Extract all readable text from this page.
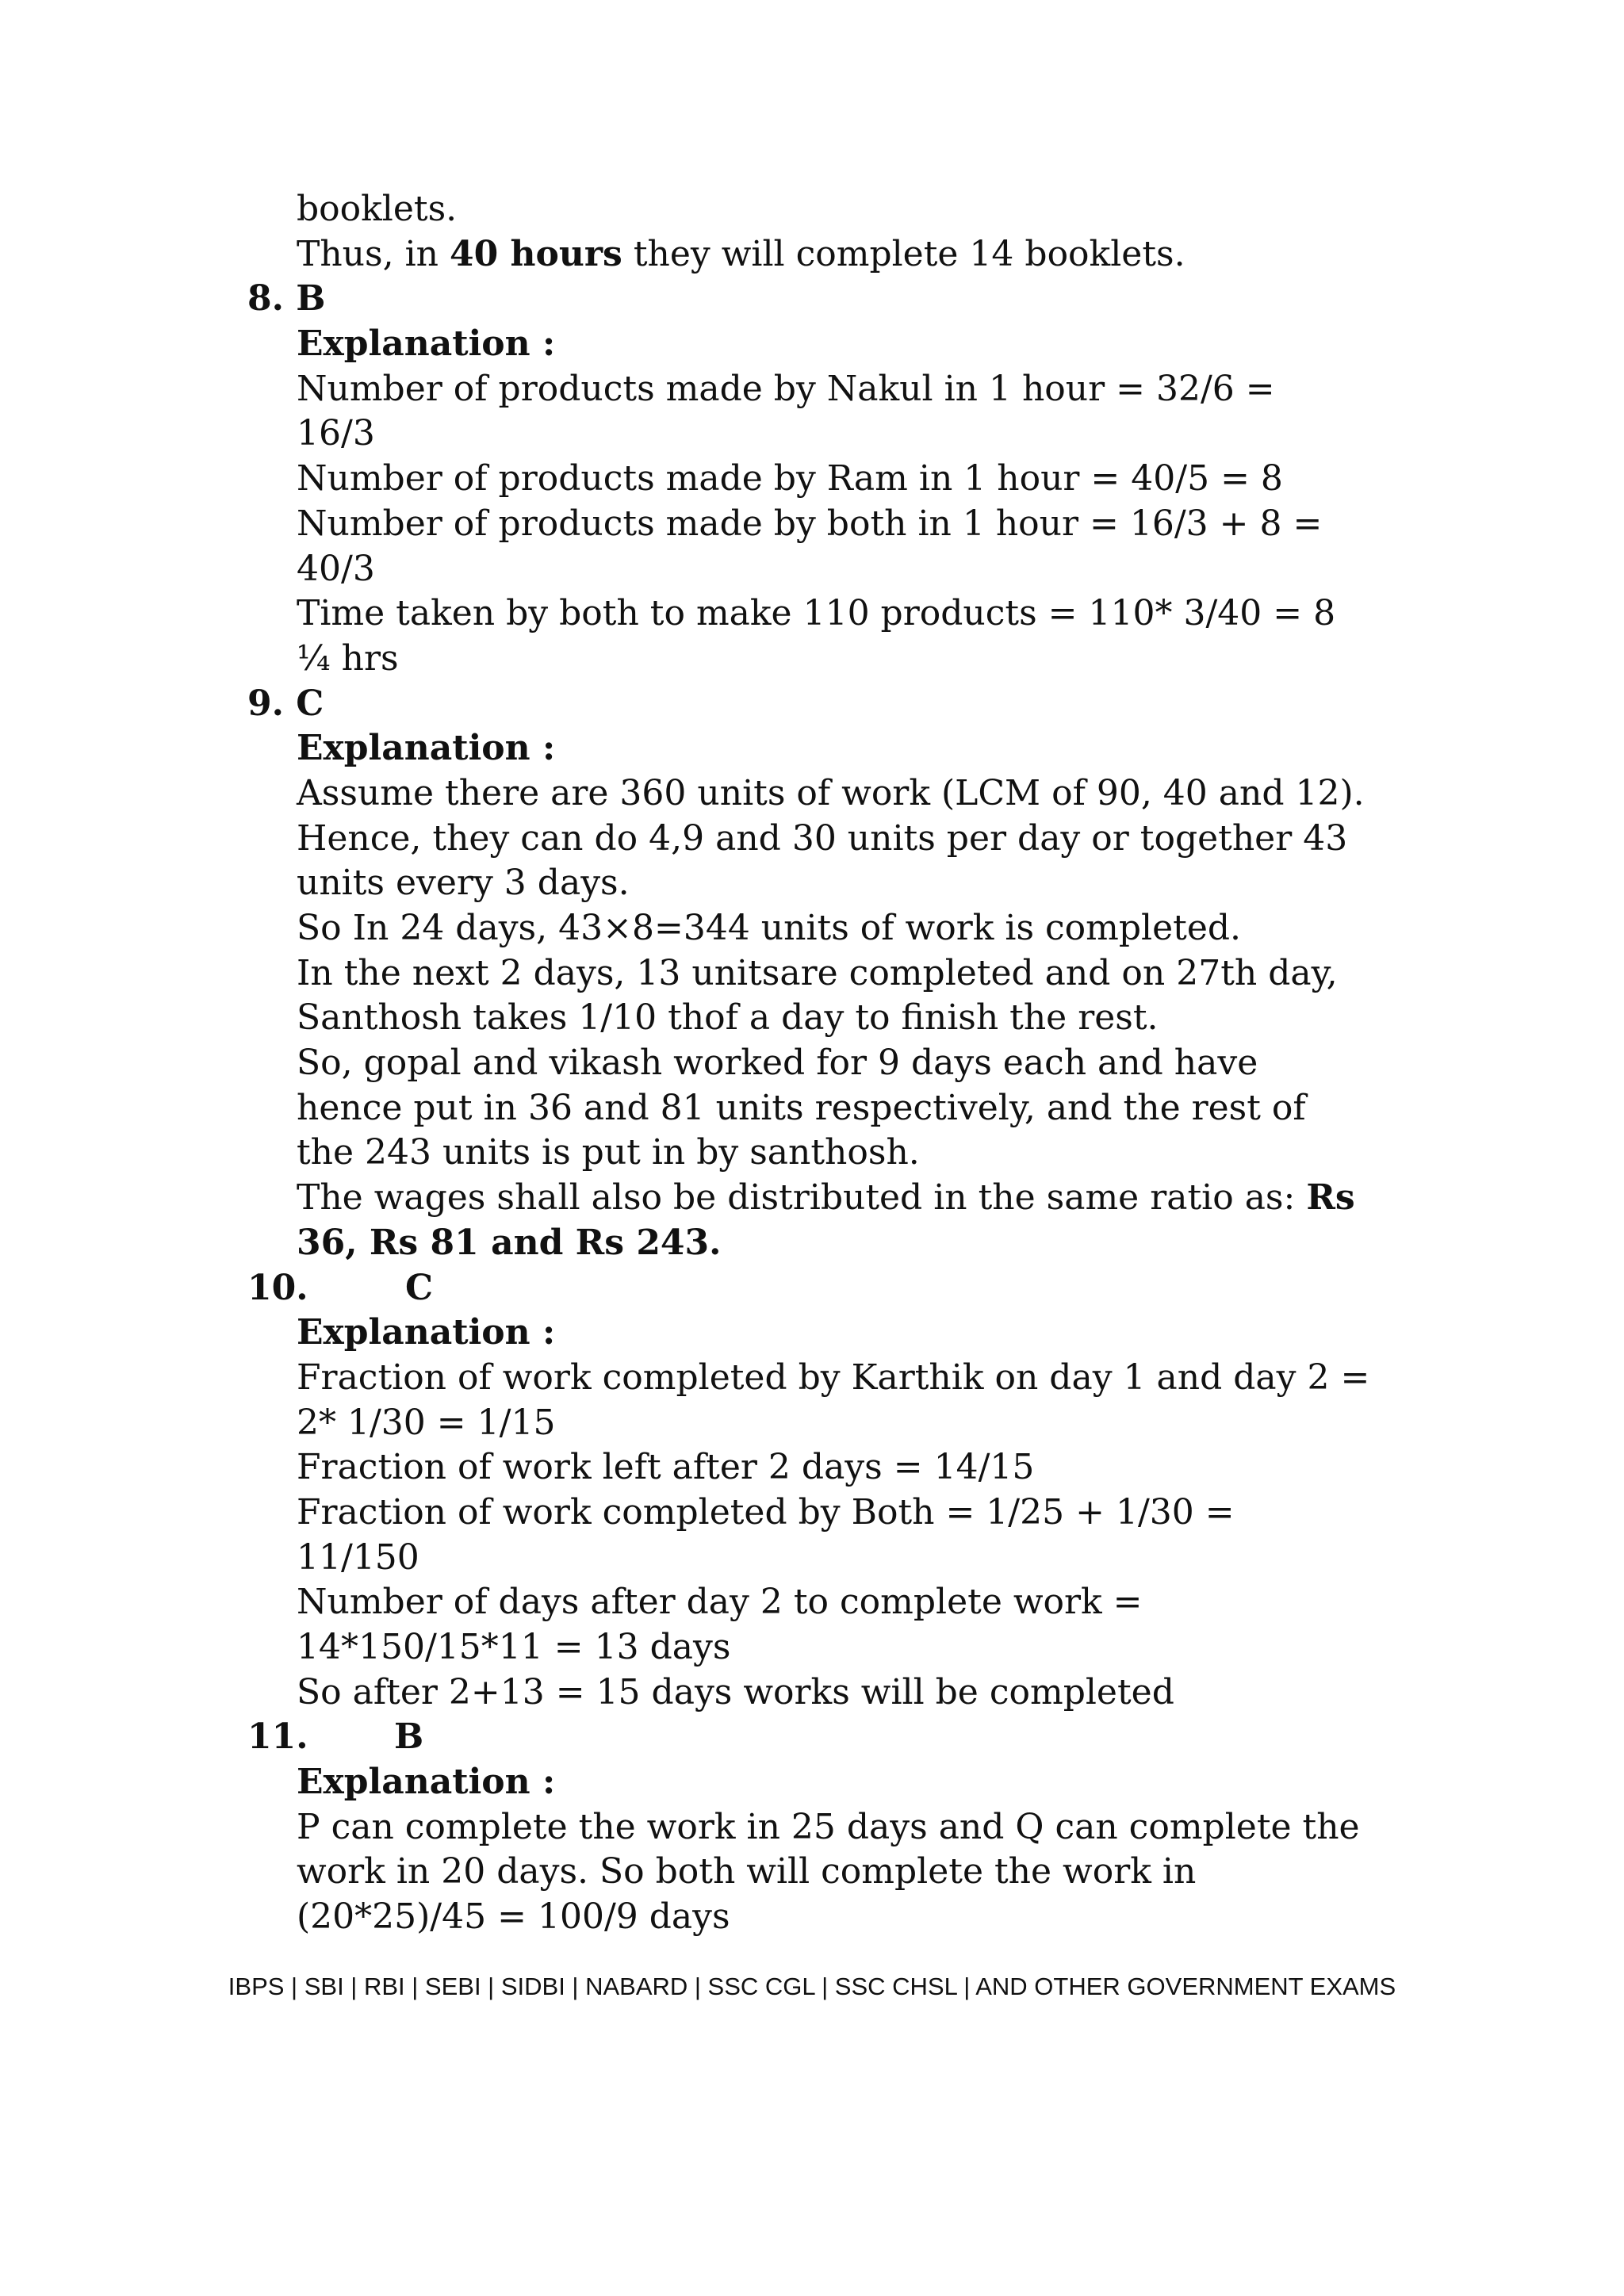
booklets.
Thus, in 40 hours they will complete 14 booklets.
8. B
Explanation :
Number of products made by Nakul in 1 hour = 32/6 =
16/3
Number of products made by Ram in 1 hour = 40/5 = 8
Number of products made by both in 1 hour = 16/3 + 8 =
40/3
Time taken by both to make 110 products = 110* 3/40 = 8
¼ hrs
9. C
Explanation :
Assume there are 360 units of work (LCM of 90, 40 and 12).
Hence, they can do 4,9 and 30 units per day or together 43
units every 3 days.
So In 24 days, 43×8=344 units of work is completed.
In the next 2 days, 13 unitsare completed and on 27th day,
Santhosh takes 1/10 thof a day to finish the rest.
So, gopal and vikash worked for 9 days each and have
hence put in 36 and 81 units respectively, and the rest of
the 243 units is put in by santhosh.
The wages shall also be distributed in the same ratio as: Rs
36, Rs 81 and Rs 243.
10.	C
Explanation :
Fraction of work completed by Karthik on day 1 and day 2 =
2* 1/30 = 1/15
Fraction of work left after 2 days = 14/15
Fraction of work completed by Both = 1/25 + 1/30 =
11/150
Number of days after day 2 to complete work =
14*150/15*11 = 13 days
So after 2+13 = 15 days works will be completed
11. B
Explanation :
P can complete the work in 25 days and Q can complete the
work in 20 days. So both will complete the work in
(20*25)/45 = 100/9 days
IBPS | SBI | RBI | SEBI | SIDBI | NABARD | SSC CGL | SSC CHSL | AND OTHER GOVERNMENT EXAMS
